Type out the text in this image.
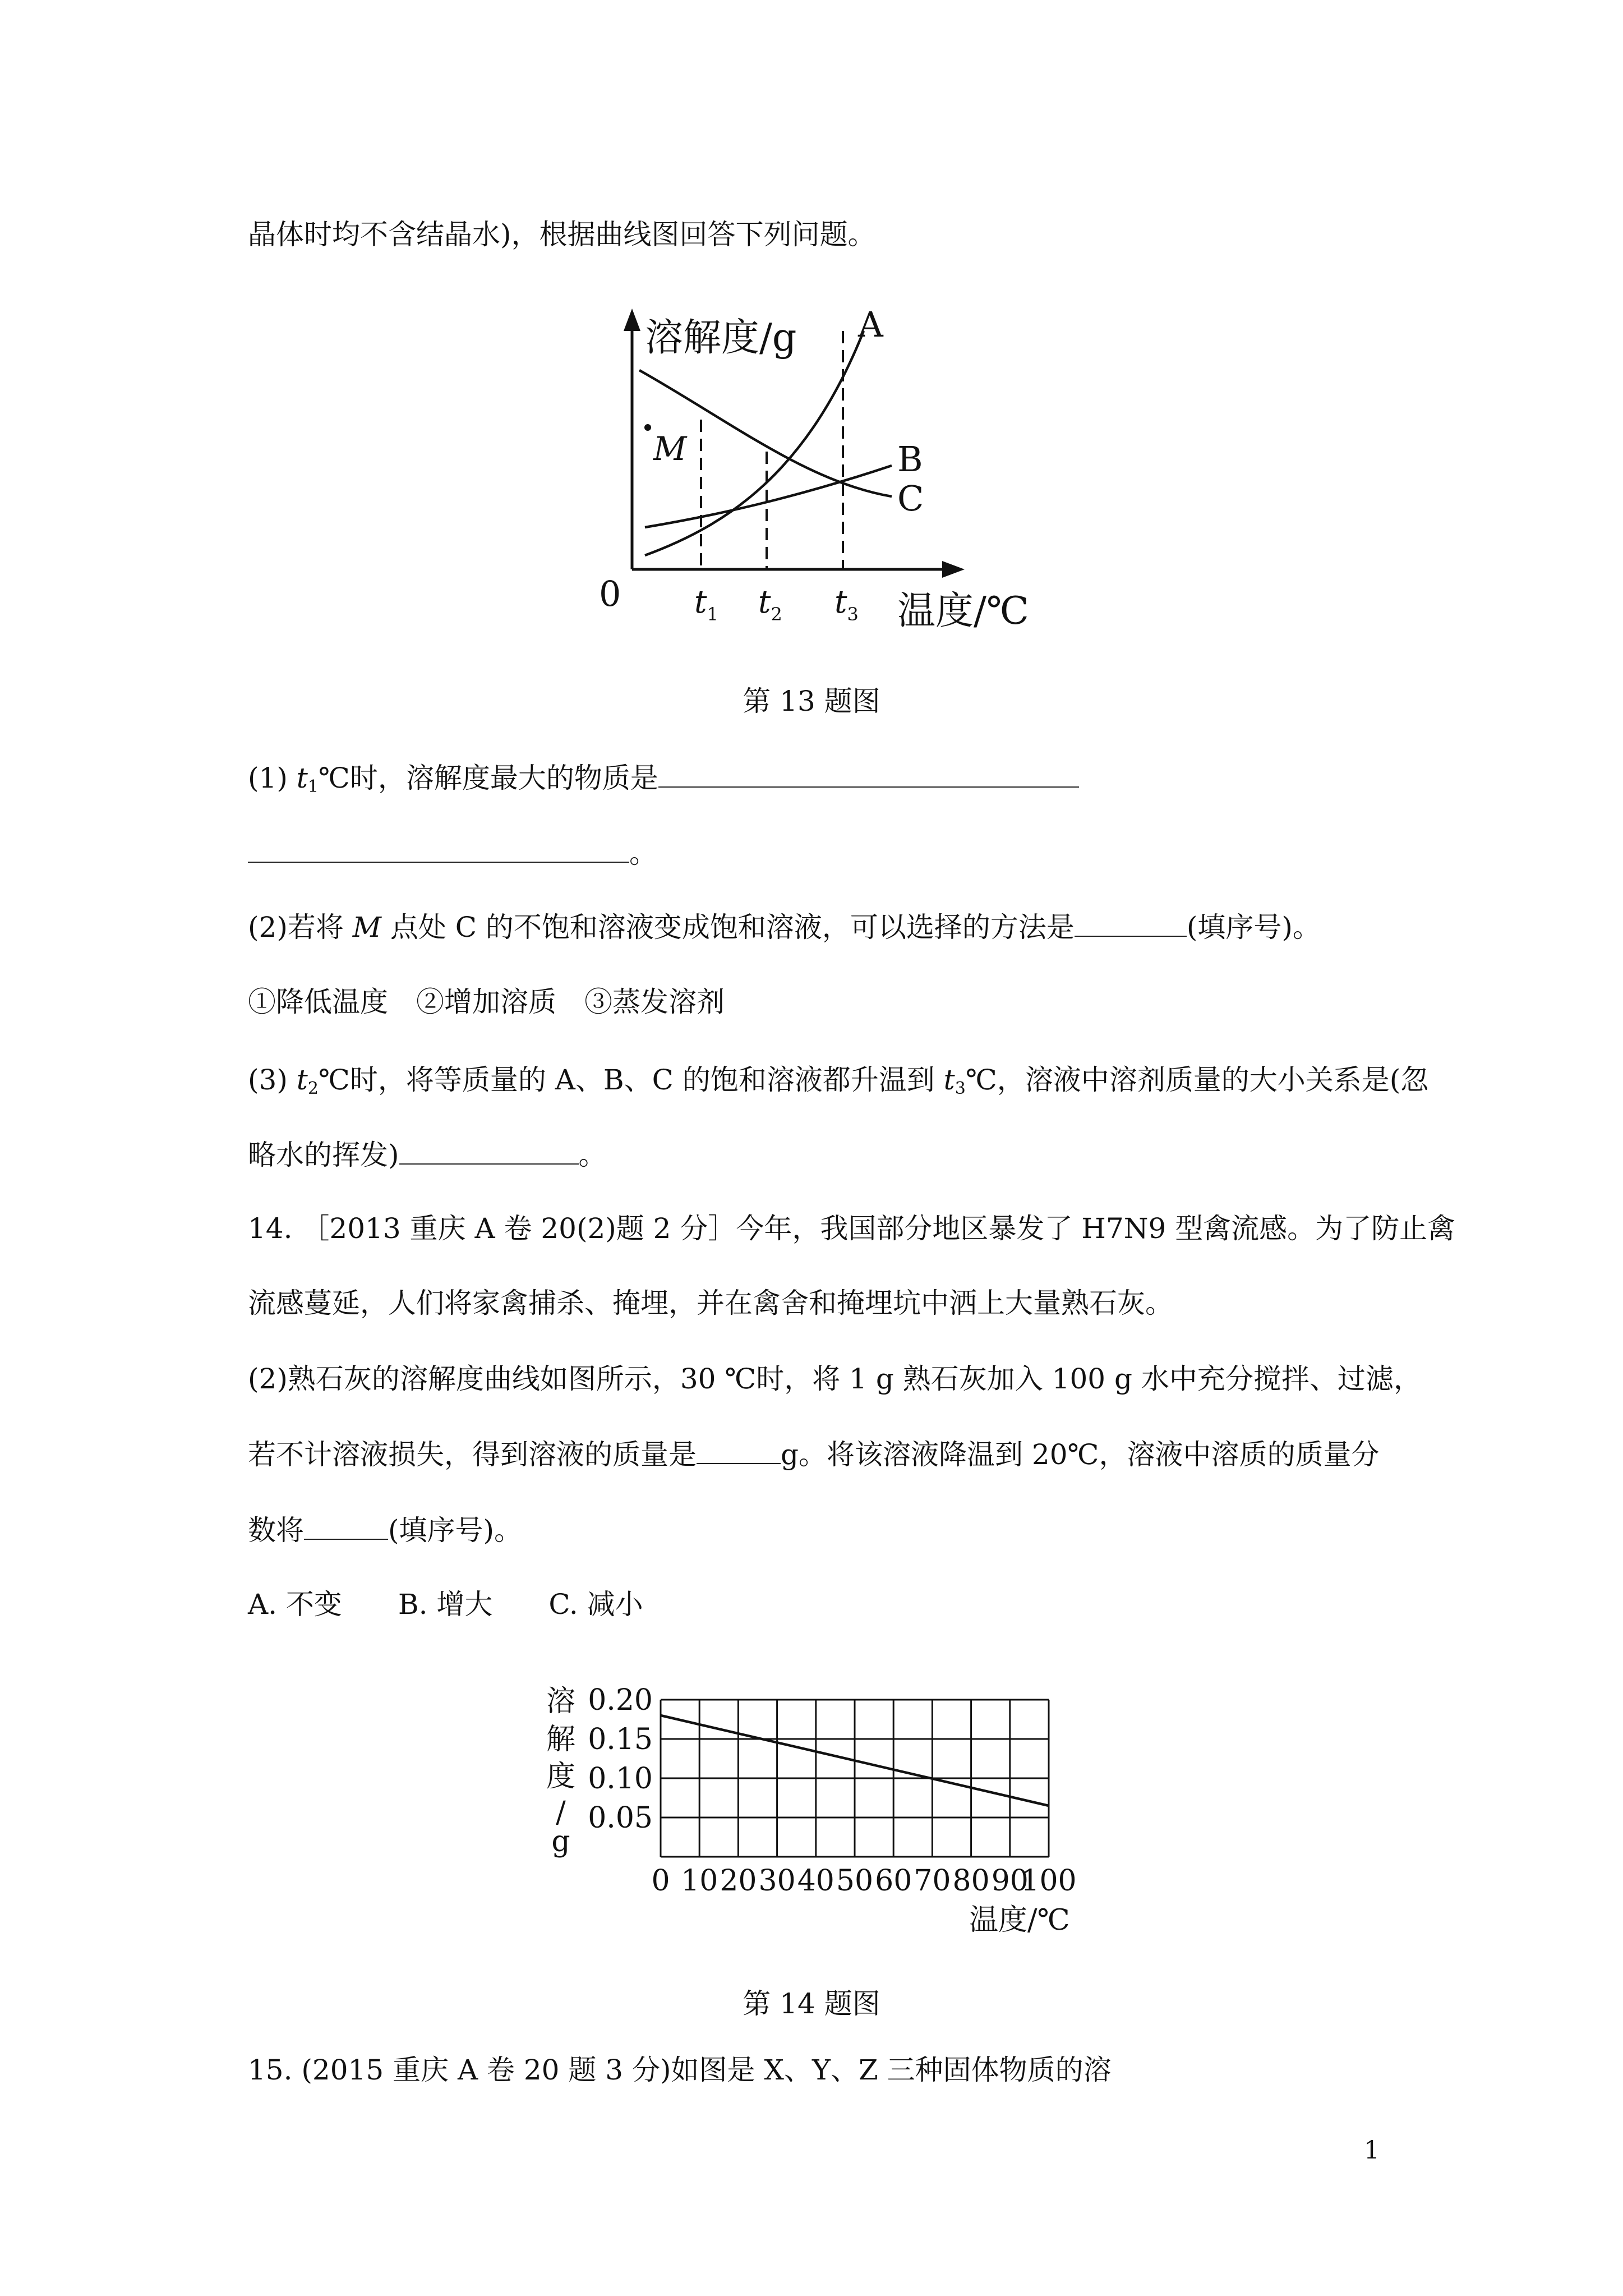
晶体时均不含结晶水)，根据曲线图回答下列问题。
M
溶解度/g A
B
C
0	温度/℃
$t_1$ $t_2$ $t_3$
第 13 题图
(1) $t_1℃$时，溶解度最大的物质是
。
(2)若将 M 点处 C 的不饱和溶液变成饱和溶液，可以选择的方法是	(填序号)。
①降低温度　②增加溶质　③蒸发溶剂
(3) $t_2℃$时，将等质量的 A、B、C 的饱和溶液都升温到 $t_3℃$，溶液中溶剂质量的大小关系是(忽
略水的挥发)	。
14. ［2013 重庆 A 卷 20(2)题 2 分］今年，我国部分地区暴发了 H7N9 型禽流感。为了防止禽
流感蔓延，人们将家禽捕杀、掩埋，并在禽舍和掩埋坑中洒上大量熟石灰。
(2)熟石灰的溶解度曲线如图所示，30 ℃时，将 1 g 熟石灰加入 100 g 水中充分搅拌、过滤，
若不计溶液损失，得到溶液的质量是	g。将该溶液降温到 20℃，溶液中溶质的质量分
数将	(填序号)。
A. 不变　　B. 增大　　C. 减小
溶
解
度
/
g
0.05
0.10
0.15
0.20
0 10 20 30 40 50 60 70 80 90
100
温度/℃
第 14 题图
15. (2015 重庆 A 卷 20 题 3 分)如图是 X、Y、Z 三种固体物质的溶
1
